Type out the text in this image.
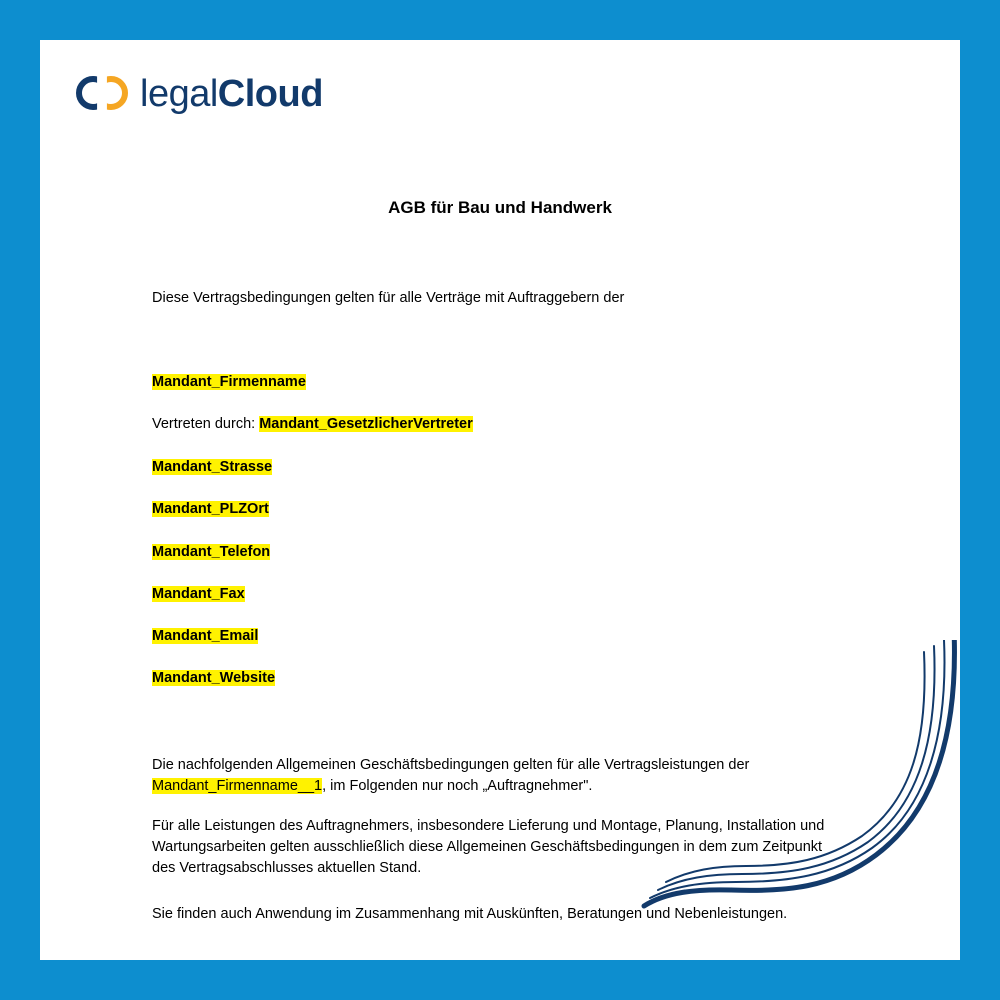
legalCloud
AGB für Bau und Handwerk
Diese Vertragsbedingungen gelten für alle Verträge mit Auftraggebern der
Mandant_Firmenname
Vertreten durch: Mandant_GesetzlicherVertreter
Mandant_Strasse
Mandant_PLZOrt
Mandant_Telefon
Mandant_Fax
Mandant_Email
Mandant_Website
Die nachfolgenden Allgemeinen Geschäftsbedingungen gelten für alle Vertragsleistungen der Mandant_Firmenname__1, im Folgenden nur noch „Auftragnehmer".
Für alle Leistungen des Auftragnehmers, insbesondere Lieferung und Montage, Planung, Installation und Wartungsarbeiten gelten ausschließlich diese Allgemeinen Geschäftsbedingungen in dem zum Zeitpunkt des Vertragsabschlusses aktuellen Stand.
Sie finden auch Anwendung im Zusammenhang mit Auskünften, Beratungen und Nebenleistungen.
